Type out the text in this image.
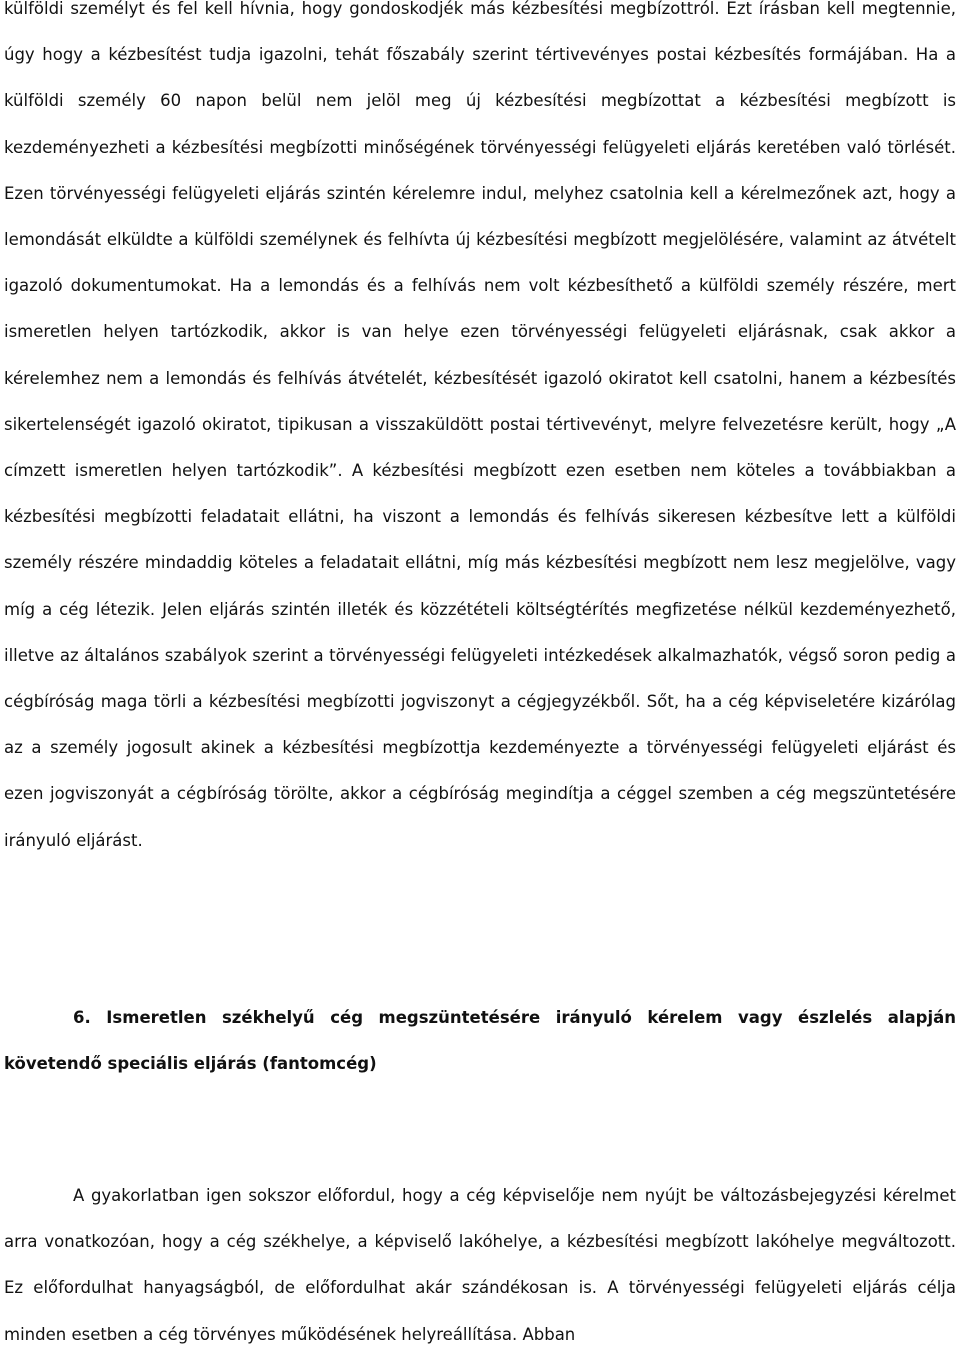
külföldi személyt és fel kell hívnia, hogy gondoskodjék más kézbesítési megbízottról. Ezt írásban kell megtennie, úgy hogy a kézbesítést tudja igazolni, tehát főszabály szerint tértivevényes postai kézbesítés formájában. Ha a külföldi személy 60 napon belül nem jelöl meg új kézbesítési megbízottat a kézbesítési megbízott is kezdeményezheti a kézbesítési megbízotti minőségének törvényességi felügyeleti eljárás keretében való törlését. Ezen törvényességi felügyeleti eljárás szintén kérelemre indul, melyhez csatolnia kell a kérelmezőnek azt, hogy a lemondását elküldte a külföldi személynek és felhívta új kézbesítési megbízott megjelölésére, valamint az átvételt igazoló dokumentumokat. Ha a lemondás és a felhívás nem volt kézbesíthető a külföldi személy részére, mert ismeretlen helyen tartózkodik, akkor is van helye ezen törvényességi felügyeleti eljárásnak, csak akkor a kérelemhez nem a lemondás és felhívás átvételét, kézbesítését igazoló okiratot kell csatolni, hanem a kézbesítés sikertelenségét igazoló okiratot, tipikusan a visszaküldött postai tértivevényt, melyre felvezetésre került, hogy „A címzett ismeretlen helyen tartózkodik”. A kézbesítési megbízott ezen esetben nem köteles a továbbiakban a kézbesítési megbízotti feladatait ellátni, ha viszont a lemondás és felhívás sikeresen kézbesítve lett a külföldi személy részére mindaddig köteles a feladatait ellátni, míg más kézbesítési megbízott nem lesz megjelölve, vagy míg a cég létezik. Jelen eljárás szintén illeték és közzétételi költségtérítés megfizetése nélkül kezdeményezhető, illetve az általános szabályok szerint a törvényességi felügyeleti intézkedések alkalmazhatók, végső soron pedig a cégbíróság maga törli a kézbesítési megbízotti jogviszonyt a cégjegyzékből. Sőt, ha a cég képviseletére kizárólag az a személy jogosult akinek a kézbesítési megbízottja kezdeményezte a törvényességi felügyeleti eljárást és ezen jogviszonyát a cégbíróság törölte, akkor a cégbíróság megindítja a céggel szemben a cég megszüntetésére irányuló eljárást.

6. Ismeretlen székhelyű cég megszüntetésére irányuló kérelem vagy észlelés alapján követendő speciális eljárás (fantomcég)

A gyakorlatban igen sokszor előfordul, hogy a cég képviselője nem nyújt be változásbejegyzési kérelmet arra vonatkozóan, hogy a cég székhelye, a képviselő lakóhelye, a kézbesítési megbízott lakóhelye megváltozott. Ez előfordulhat hanyagságból, de előfordulhat akár szándékosan is. A törvényességi felügyeleti eljárás célja minden esetben a cég törvényes működésének helyreállítása. Abban
